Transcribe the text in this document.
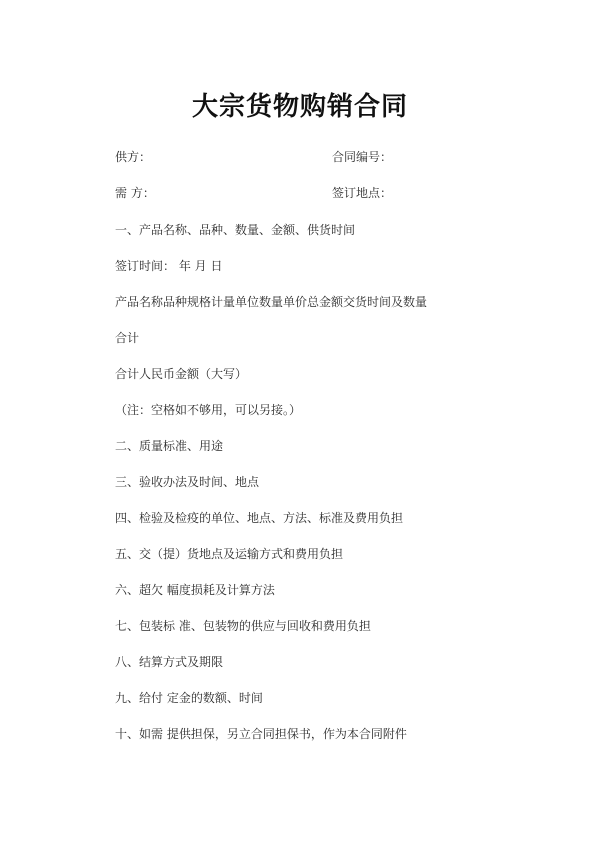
大宗货物购销合同
供方：	合同编号：
需 方：	签订地点：
一、产品名称、品种、数量、金额、供货时间
签订时间： 年 月 日
产品名称品种规格计量单位数量单价总金额交货时间及数量
合计
合计人民币金额（大写）
（注：空格如不够用，可以另接。）
二、质量标准、用途
三、验收办法及时间、地点
四、检验及检疫的单位、地点、方法、标准及费用负担
五、交（提）货地点及运输方式和费用负担
六、超欠 幅度损耗及计算方法
七、包装标 准、包装物的供应与回收和费用负担
八、结算方式及期限
九、给付 定金的数额、时间
十、如需 提供担保，另立合同担保书，作为本合同附件
